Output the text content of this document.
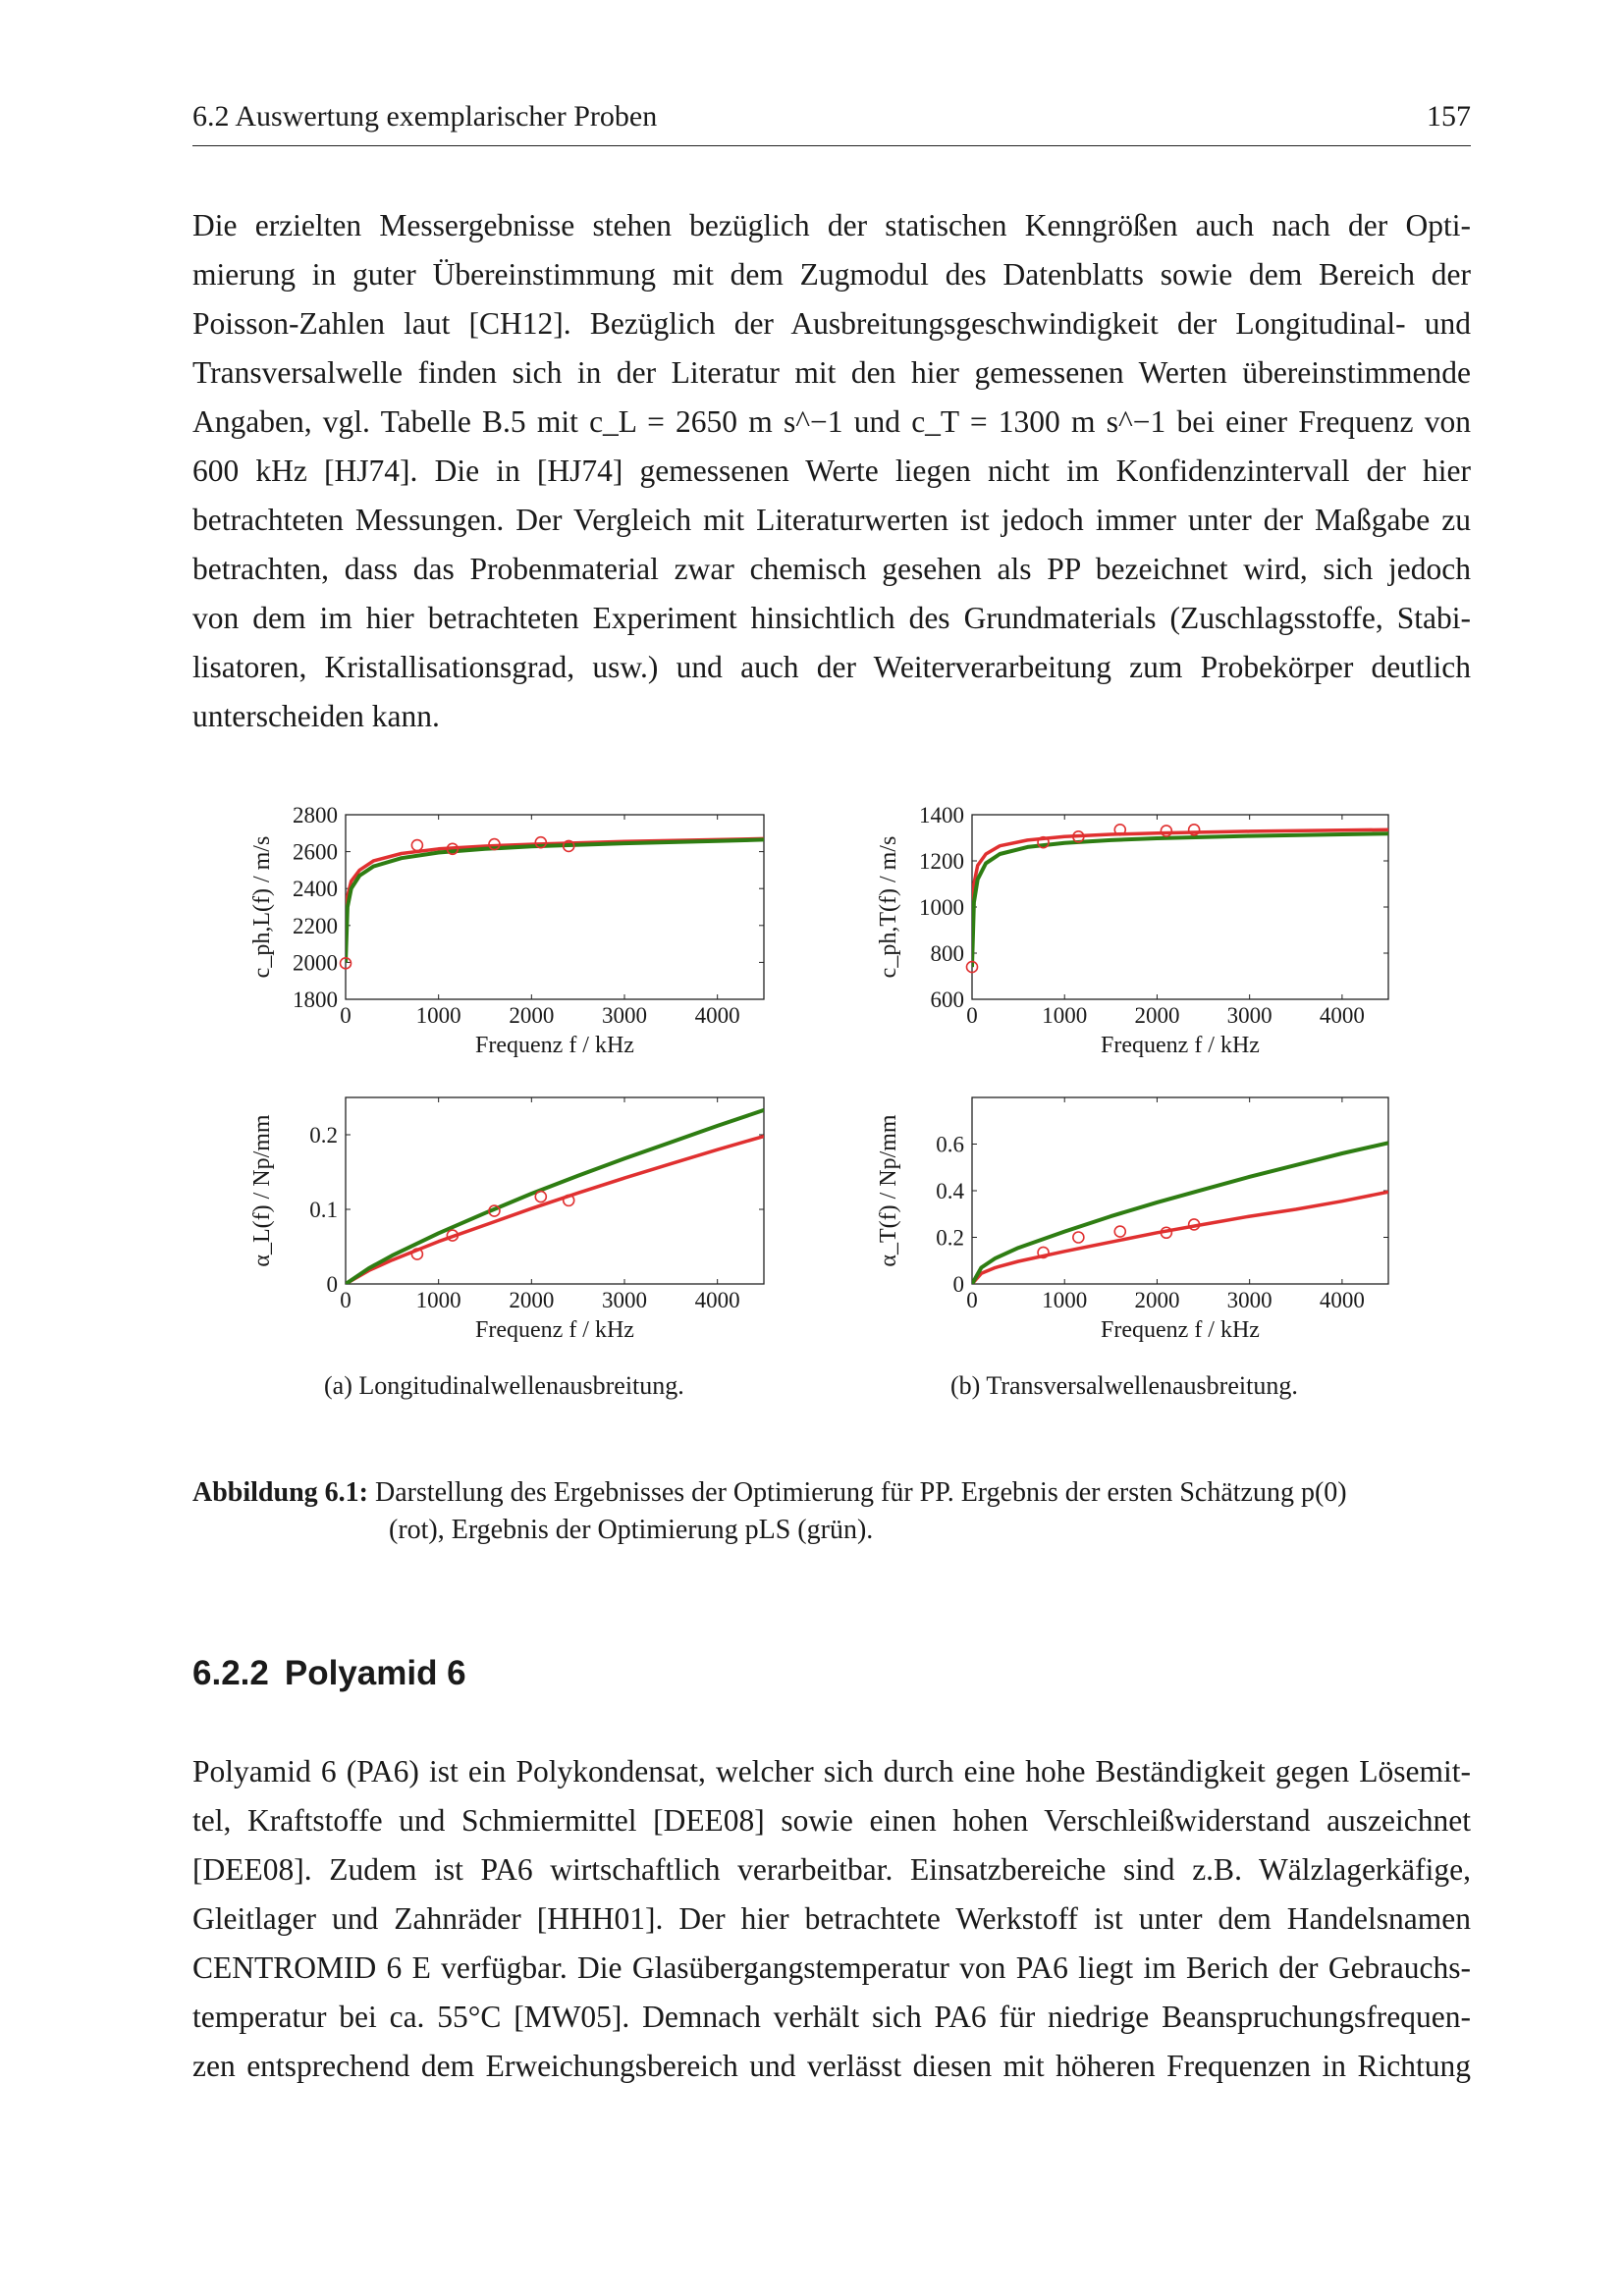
6.2 Auswertung exemplarischer Proben	157
Die erzielten Messergebnisse stehen bezüglich der statischen Kenngrößen auch nach der Opti-
mierung in guter Übereinstimmung mit dem Zugmodul des Datenblatts sowie dem Bereich der
Poisson-Zahlen laut [CH12]. Bezüglich der Ausbreitungsgeschwindigkeit der Longitudinal- und
Transversalwelle finden sich in der Literatur mit den hier gemessenen Werten übereinstimmende
Angaben, vgl. Tabelle B.5 mit c_L = 2650 m s^−1 und c_T = 1300 m s^−1 bei einer Frequenz von
600 kHz [HJ74]. Die in [HJ74] gemessenen Werte liegen nicht im Konfidenzintervall der hier
betrachteten Messungen. Der Vergleich mit Literaturwerten ist jedoch immer unter der Maßgabe zu
betrachten, dass das Probenmaterial zwar chemisch gesehen als PP bezeichnet wird, sich jedoch
von dem im hier betrachteten Experiment hinsichtlich des Grundmaterials (Zuschlagsstoffe, Stabi-
lisatoren, Kristallisationsgrad, usw.) und auch der Weiterverarbeitung zum Probekörper deutlich
unterscheiden kann.
0	1000 2000 3000 4000
1800
2000
2200
2400
2600
2800
Frequenz f / kHz
c_ph,L(f) / m/s
0	1000 2000 3000 4000
600
800
1000
1200
1400
Frequenz f / kHz
c_ph,T(f) / m/s
0	1000 2000 3000 4000
0
0.1
0.2
Frequenz f / kHz
α_L(f) / Np/mm
0	1000 2000 3000 4000
0
0.2
0.4
0.6
Frequenz f / kHz
α_T(f) / Np/mm
(a) Longitudinalwellenausbreitung.	(b) Transversalwellenausbreitung.
Abbildung 6.1: Darstellung des Ergebnisses der Optimierung für PP. Ergebnis der ersten Schätzung p(0)
(rot), Ergebnis der Optimierung pLS (grün).
6.2.2 Polyamid 6
Polyamid 6 (PA6) ist ein Polykondensat, welcher sich durch eine hohe Beständigkeit gegen Lösemit-
tel, Kraftstoffe und Schmiermittel [DEE08] sowie einen hohen Verschleißwiderstand auszeichnet
[DEE08]. Zudem ist PA6 wirtschaftlich verarbeitbar. Einsatzbereiche sind z.B. Wälzlagerkäfige,
Gleitlager und Zahnräder [HHH01]. Der hier betrachtete Werkstoff ist unter dem Handelsnamen
CENTROMID 6 E verfügbar. Die Glasübergangstemperatur von PA6 liegt im Berich der Gebrauchs-
temperatur bei ca. 55°C [MW05]. Demnach verhält sich PA6 für niedrige Beanspruchungsfrequen-
zen entsprechend dem Erweichungsbereich und verlässt diesen mit höheren Frequenzen in Richtung
